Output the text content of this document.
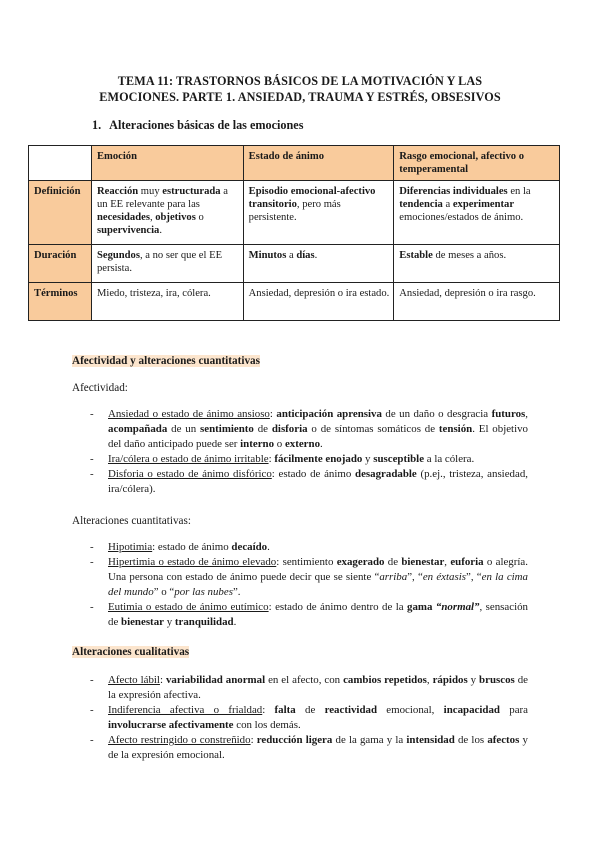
TEMA 11: TRASTORNOS BÁSICOS DE LA MOTIVACIÓN Y LAS
EMOCIONES. PARTE 1. ANSIEDAD, TRAUMA Y ESTRÉS, OBSESIVOS
1. Alteraciones básicas de las emociones
	Emoción	Estado de ánimo	Rasgo emocional, afectivo o temperamental
Definición	Reacción muy estructurada a un EE relevante para las necesidades, objetivos o supervivencia.	Episodio emocional-afectivo transitorio, pero más persistente.	Diferencias individuales en la tendencia a experimentar emociones/estados de ánimo.
Duración	Segundos, a no ser que el EE persista.	Minutos a días.	Estable de meses a años.
Términos	Miedo, tristeza, ira, cólera.	Ansiedad, depresión o ira estado.	Ansiedad, depresión o ira rasgo.
Afectividad y alteraciones cuantitativas
Afectividad:
- Ansiedad o estado de ánimo ansioso: anticipación aprensiva de un daño o desgracia futuros, acompañada de un sentimiento de disforia o de síntomas somáticos de tensión. El objetivo del daño anticipado puede ser interno o externo.
- Ira/cólera o estado de ánimo irritable: fácilmente enojado y susceptible a la cólera.
- Disforia o estado de ánimo disfórico: estado de ánimo desagradable (p.ej., tristeza, ansiedad, ira/cólera).
Alteraciones cuantitativas:
- Hipotimia: estado de ánimo decaído.
- Hipertimia o estado de ánimo elevado: sentimiento exagerado de bienestar, euforia o alegría. Una persona con estado de ánimo puede decir que se siente “arriba”, “en éxtasis”, “en la cima del mundo” o “por las nubes”.
- Eutimia o estado de ánimo eutímico: estado de ánimo dentro de la gama “normal”, sensación de bienestar y tranquilidad.
Alteraciones cualitativas
- Afecto lábil: variabilidad anormal en el afecto, con cambios repetidos, rápidos y bruscos de la expresión afectiva.
- Indiferencia afectiva o frialdad: falta de reactividad emocional, incapacidad para involucrarse afectivamente con los demás.
- Afecto restringido o constreñido: reducción ligera de la gama y la intensidad de los afectos y de la expresión emocional.
